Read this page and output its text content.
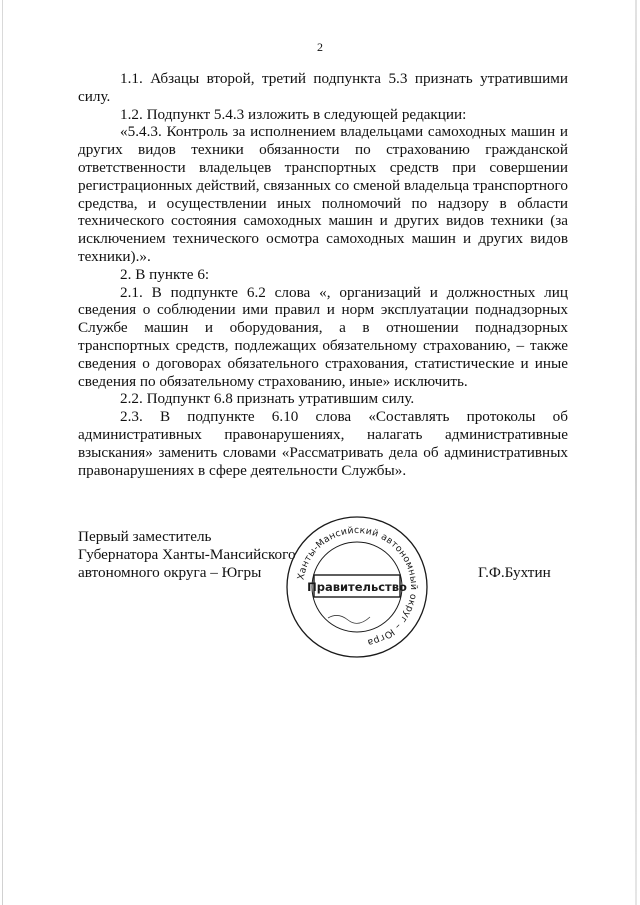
2

1.1. Абзацы второй, третий подпункта 5.3 признать утратившими силу.

1.2. Подпункт 5.4.3 изложить в следующей редакции:

«5.4.3. Контроль за исполнением владельцами самоходных машин и других видов техники обязанности по страхованию гражданской ответственности владельцев транспортных средств при совершении регистрационных действий, связанных со сменой владельца транспортного средства, и осуществлении иных полномочий по надзору в области технического состояния самоходных машин и других видов техники (за исключением технического осмотра самоходных машин и других видов техники).».

2. В пункте 6:

2.1. В подпункте 6.2 слова «, организаций и должностных лиц сведения о соблюдении ими правил и норм эксплуатации поднадзорных Службе машин и оборудования, а в отношении поднадзорных транспортных средств, подлежащих обязательному страхованию, – также сведения о договорах обязательного страхования, статистические и иные сведения по обязательному страхованию, иные» исключить.

2.2. Подпункт 6.8 признать утратившим силу.

2.3. В подпункте 6.10 слова «Составлять протоколы об административных правонарушениях, налагать административные взыскания» заменить словами «Рассматривать дела об административных правонарушениях в сфере деятельности Службы».

Первый заместитель
Губернатора Ханты-Мансийского
автономного округа – Югры	Ханты-Мансийский автономный округ – Югра
Правительство
Г.Ф.Бухтин
